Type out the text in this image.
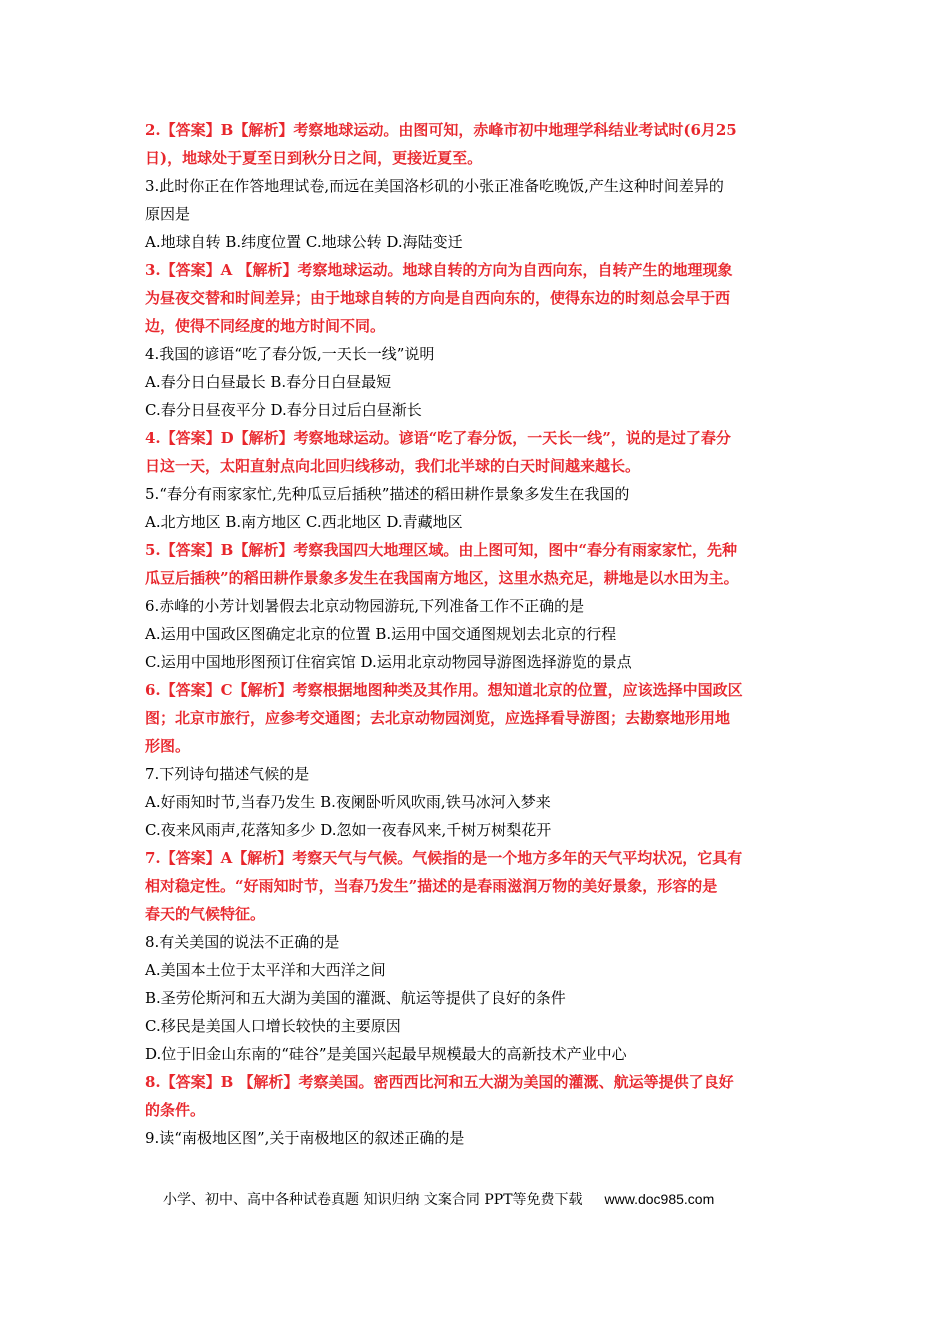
2.【答案】B【解析】考察地球运动。由图可知，赤峰市初中地理学科结业考试时(6月25
日)，地球处于夏至日到秋分日之间，更接近夏至。
3.此时你正在作答地理试卷,而远在美国洛杉矶的小张正准备吃晚饭,产生这种时间差异的
原因是
A.地球自转 B.纬度位置 C.地球公转 D.海陆变迁
3.【答案】A 【解析】考察地球运动。地球自转的方向为自西向东，自转产生的地理现象
为昼夜交替和时间差异；由于地球自转的方向是自西向东的，使得东边的时刻总会早于西
边，使得不同经度的地方时间不同。
4.我国的谚语“吃了春分饭,一天长一线”说明
A.春分日白昼最长 B.春分日白昼最短
C.春分日昼夜平分 D.春分日过后白昼渐长
4.【答案】D【解析】考察地球运动。谚语“吃了春分饭，一天长一线”，说的是过了春分
日这一天，太阳直射点向北回归线移动，我们北半球的白天时间越来越长。
5.“春分有雨家家忙,先种瓜豆后插秧”描述的稻田耕作景象多发生在我国的
A.北方地区 B.南方地区 C.西北地区 D.青藏地区
5.【答案】B【解析】考察我国四大地理区域。由上图可知，图中“春分有雨家家忙，先种
瓜豆后插秧”的稻田耕作景象多发生在我国南方地区，这里水热充足，耕地是以水田为主。
6.赤峰的小芳计划暑假去北京动物园游玩,下列准备工作不正确的是
A.运用中国政区图确定北京的位置 B.运用中国交通图规划去北京的行程
C.运用中国地形图预订住宿宾馆 D.运用北京动物园导游图选择游览的景点
6.【答案】C【解析】考察根据地图种类及其作用。想知道北京的位置，应该选择中国政区
图；北京市旅行，应参考交通图；去北京动物园浏览，应选择看导游图；去勘察地形用地
形图。
7.下列诗句描述气候的是
A.好雨知时节,当春乃发生 B.夜阑卧听风吹雨,铁马冰河入梦来
C.夜来风雨声,花落知多少 D.忽如一夜春风来,千树万树梨花开
7.【答案】A【解析】考察天气与气候。气候指的是一个地方多年的天气平均状况，它具有
相对稳定性。“好雨知时节，当春乃发生”描述的是春雨滋润万物的美好景象，形容的是
春天的气候特征。
8.有关美国的说法不正确的是
A.美国本土位于太平洋和大西洋之间
B.圣劳伦斯河和五大湖为美国的灌溉、航运等提供了良好的条件
C.移民是美国人口增长较快的主要原因
D.位于旧金山东南的“硅谷”是美国兴起最早规模最大的高新技术产业中心
8.【答案】B 【解析】考察美国。密西西比河和五大湖为美国的灌溉、航运等提供了良好
的条件。
9.读“南极地区图”,关于南极地区的叙述正确的是
小学、初中、高中各种试卷真题 知识归纳 文案合同 PPT等免费下载 www.doc985.com
